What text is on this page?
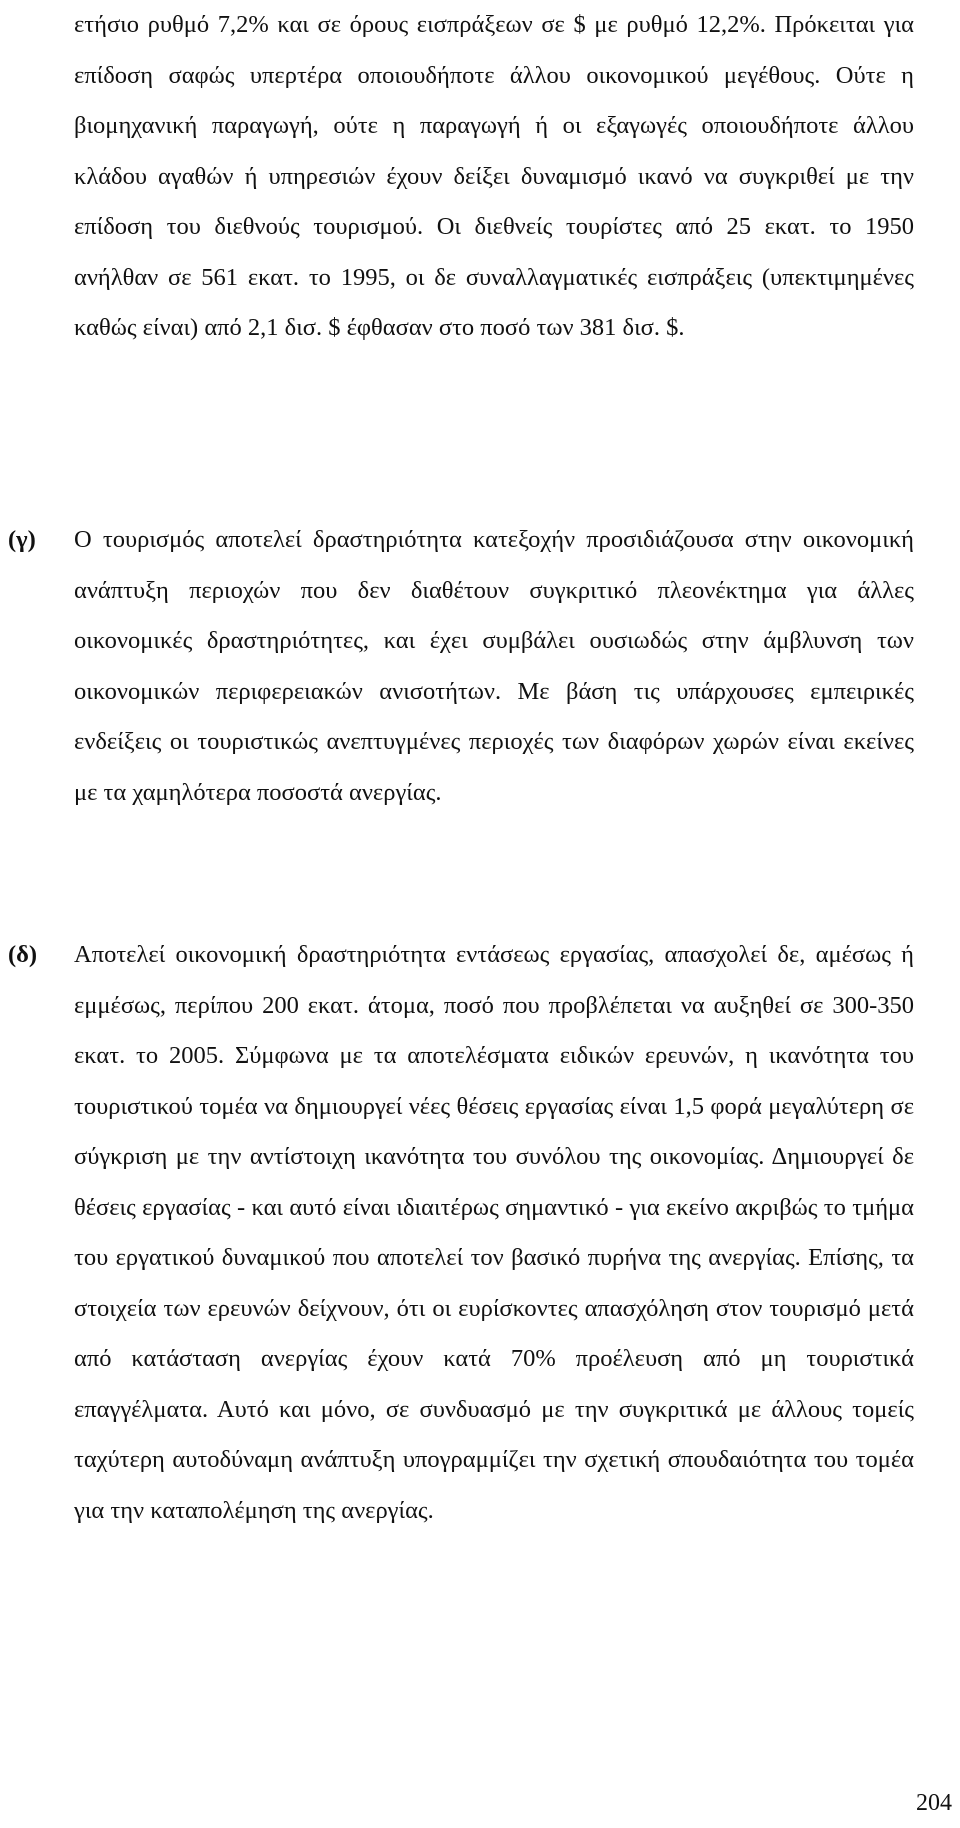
ετήσιο ρυθμό 7,2% και σε όρους εισπράξεων σε $ με ρυθμό 12,2%. Πρόκειται για επίδοση σαφώς υπερτέρα οποιουδήποτε άλλου οικονομικού μεγέθους. Ούτε η βιομηχανική παραγωγή, ούτε η παραγωγή ή οι εξαγωγές οποιουδήποτε άλλου κλάδου αγαθών ή υπηρεσιών έχουν δείξει δυναμισμό ικανό να συγκριθεί με την επίδοση του διεθνούς τουρισμού. Οι διεθνείς τουρίστες από 25 εκατ. το 1950 ανήλθαν σε 561 εκατ. το 1995, οι δε συναλλαγματικές εισπράξεις (υπεκτιμημένες καθώς είναι) από 2,1 δισ. $ έφθασαν στο ποσό των 381 δισ. $.
(γ) Ο τουρισμός αποτελεί δραστηριότητα κατεξοχήν προσιδιάζουσα στην οικονομική ανάπτυξη περιοχών που δεν διαθέτουν συγκριτικό πλεονέκτημα για άλλες οικονομικές δραστηριότητες, και έχει συμβάλει ουσιωδώς στην άμβλυνση των οικονομικών περιφερειακών ανισοτήτων. Με βάση τις υπάρχουσες εμπειρικές ενδείξεις οι τουριστικώς ανεπτυγμένες περιοχές των διαφόρων χωρών είναι εκείνες με τα χαμηλότερα ποσοστά ανεργίας.
(δ) Αποτελεί οικονομική δραστηριότητα εντάσεως εργασίας, απασχολεί δε, αμέσως ή εμμέσως, περίπου 200 εκατ. άτομα, ποσό που προβλέπεται να αυξηθεί σε 300-350 εκατ. το 2005. Σύμφωνα με τα αποτελέσματα ειδικών ερευνών, η ικανότητα του τουριστικού τομέα να δημιουργεί νέες θέσεις εργασίας είναι 1,5 φορά μεγαλύτερη σε σύγκριση με την αντίστοιχη ικανότητα του συνόλου της οικονομίας. Δημιουργεί δε θέσεις εργασίας - και αυτό είναι ιδιαιτέρως σημαντικό - για εκείνο ακριβώς το τμήμα του εργατικού δυναμικού που αποτελεί τον βασικό πυρήνα της ανεργίας. Επίσης, τα στοιχεία των ερευνών δείχνουν, ότι οι ευρίσκοντες απασχόληση στον τουρισμό μετά από κατάσταση ανεργίας έχουν κατά 70% προέλευση από μη τουριστικά επαγγέλματα. Αυτό και μόνο, σε συνδυασμό με την συγκριτικά με άλλους τομείς ταχύτερη αυτοδύναμη ανάπτυξη υπογραμμίζει την σχετική σπουδαιότητα του τομέα για την καταπολέμηση της ανεργίας.
204
